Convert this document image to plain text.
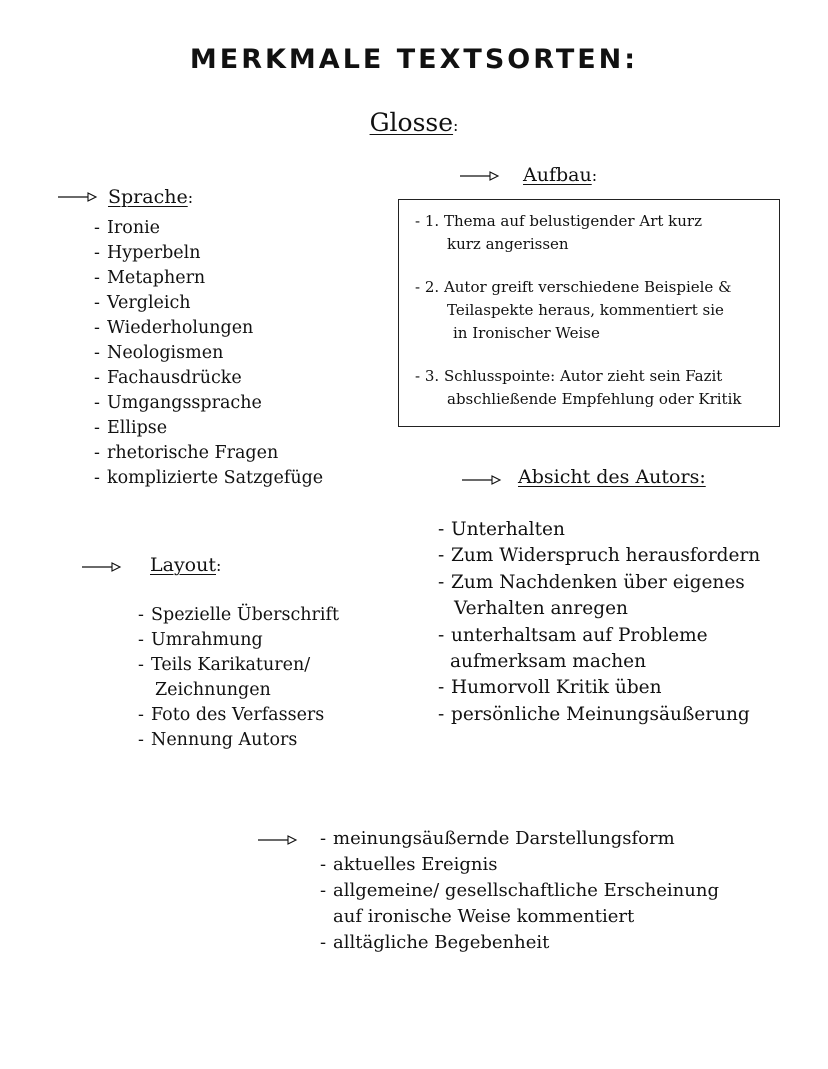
MERKMALE TEXTSORTEN:
Glosse:
Sprache:
- Ironie
- Hyperbeln
- Metaphern
- Vergleich
- Wiederholungen
- Neologismen
- Fachausdrücke
- Umgangssprache
- Ellipse
- rhetorische Fragen
- komplizierte Satzgefüge
Aufbau:
- 1. Thema auf belustigender Art kurz
kurz angerissen
- 2. Autor greift verschiedene Beispiele &
Teilaspekte heraus, kommentiert sie
in Ironischer Weise
- 3. Schlusspointe: Autor zieht sein Fazit
abschließende Empfehlung oder Kritik
Absicht des Autors:
- Unterhalten
- Zum Widerspruch herausfordern
- Zum Nachdenken über eigenes
Verhalten anregen
- unterhaltsam auf Probleme
aufmerksam machen
- Humorvoll Kritik üben
- persönliche Meinungsäußerung
Layout:
- Spezielle Überschrift
- Umrahmung
- Teils Karikaturen/
Zeichnungen
- Foto des Verfassers
- Nennung Autors
- meinungsäußernde Darstellungsform
- aktuelles Ereignis
- allgemeine/ gesellschaftliche Erscheinung
auf ironische Weise kommentiert
- alltägliche Begebenheit
